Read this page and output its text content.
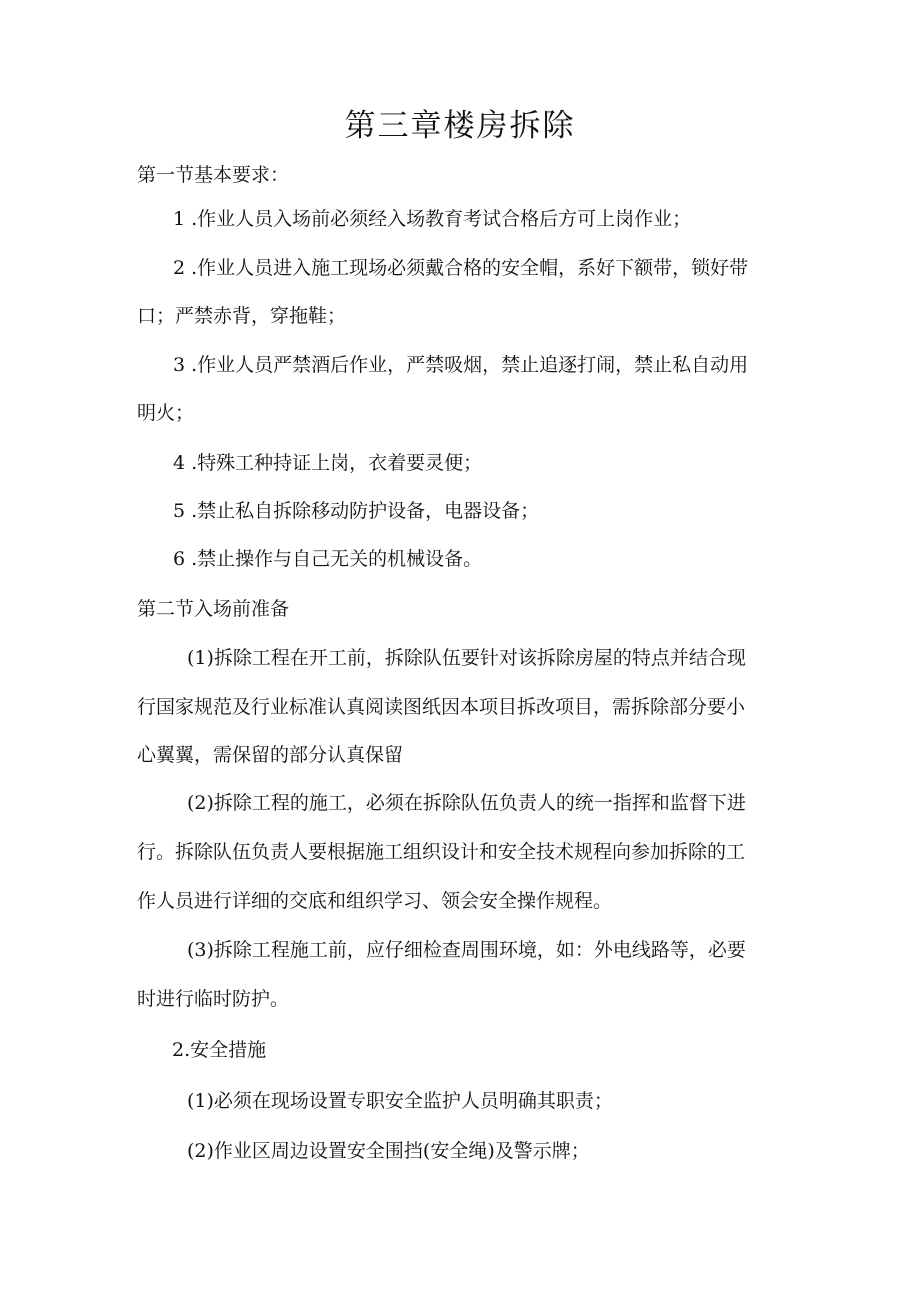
第三章楼房拆除
第一节基本要求：
1 .作业人员入场前必须经入场教育考试合格后方可上岗作业；
2 .作业人员进入施工现场必须戴合格的安全帽，系好下额带，锁好带
口；严禁赤背，穿拖鞋；
3 .作业人员严禁酒后作业，严禁吸烟，禁止追逐打闹，禁止私自动用
明火；
4 .特殊工种持证上岗，衣着要灵便；
5 .禁止私自拆除移动防护设备，电器设备；
6 .禁止操作与自己无关的机械设备。
第二节入场前准备
(1)拆除工程在开工前，拆除队伍要针对该拆除房屋的特点并结合现
行国家规范及行业标准认真阅读图纸因本项目拆改项目，需拆除部分要小
心翼翼，需保留的部分认真保留
(2)拆除工程的施工，必须在拆除队伍负责人的统一指挥和监督下进
行。拆除队伍负责人要根据施工组织设计和安全技术规程向参加拆除的工
作人员进行详细的交底和组织学习、领会安全操作规程。
(3)拆除工程施工前，应仔细检查周围环境，如：外电线路等，必要
时进行临时防护。
2.安全措施
(1)必须在现场设置专职安全监护人员明确其职责；
(2)作业区周边设置安全围挡(安全绳)及警示牌；
